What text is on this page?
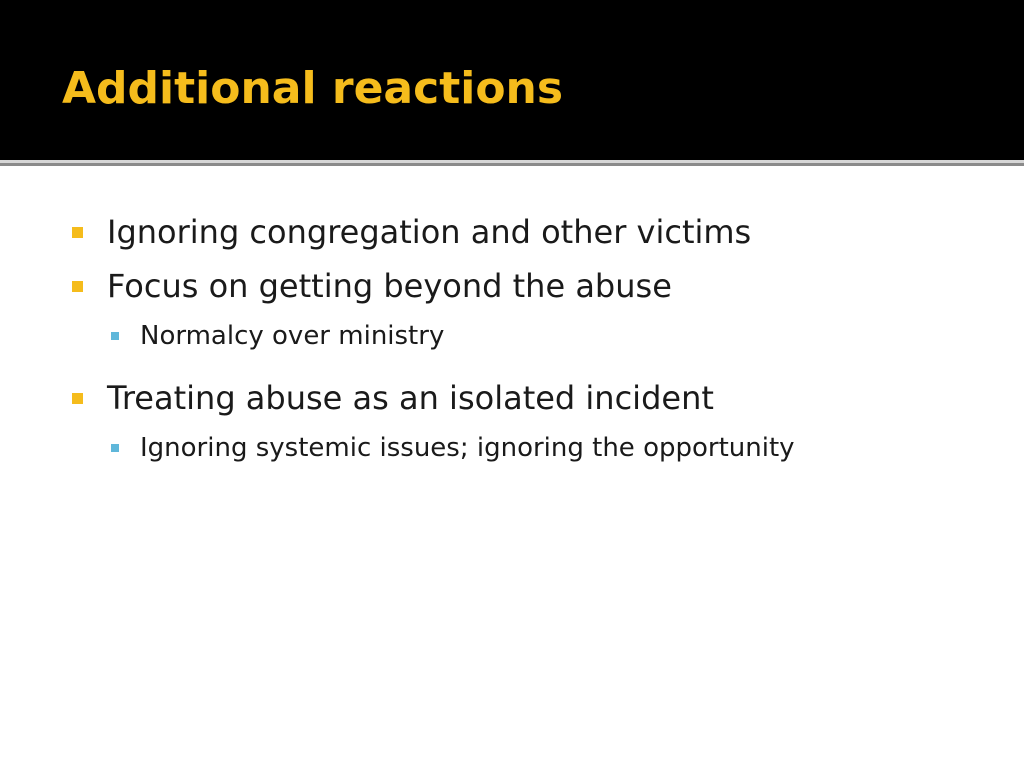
Additional reactions
Ignoring congregation and other victims
Focus on getting beyond the abuse
Normalcy over ministry
Treating abuse as an isolated incident
Ignoring systemic issues; ignoring the opportunity
